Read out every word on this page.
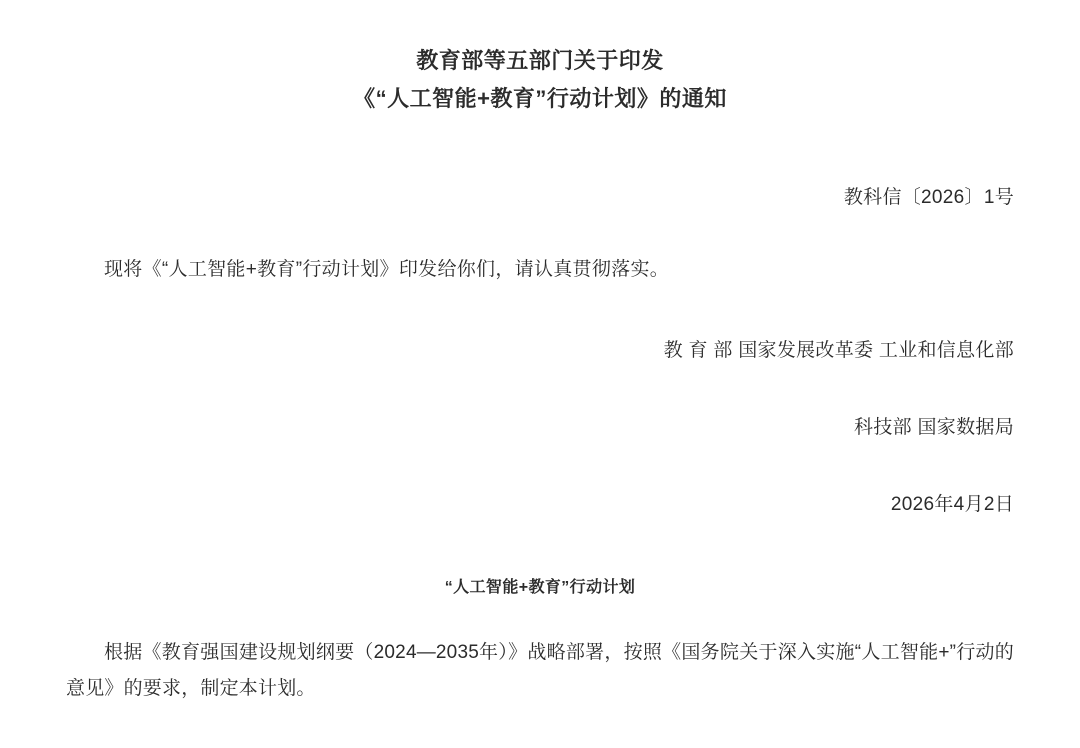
教育部等五部门关于印发
《“人工智能+教育”行动计划》的通知
教科信〔2026〕1号
现将《“人工智能+教育”行动计划》印发给你们，请认真贯彻落实。
教 育 部 国家发展改革委 工业和信息化部
科技部 国家数据局
2026年4月2日
“人工智能+教育”行动计划
根据《教育强国建设规划纲要（2024—2035年）》战略部署，按照《国务院关于深入实施“人工智能+”行动的意见》的要求，制定本计划。
